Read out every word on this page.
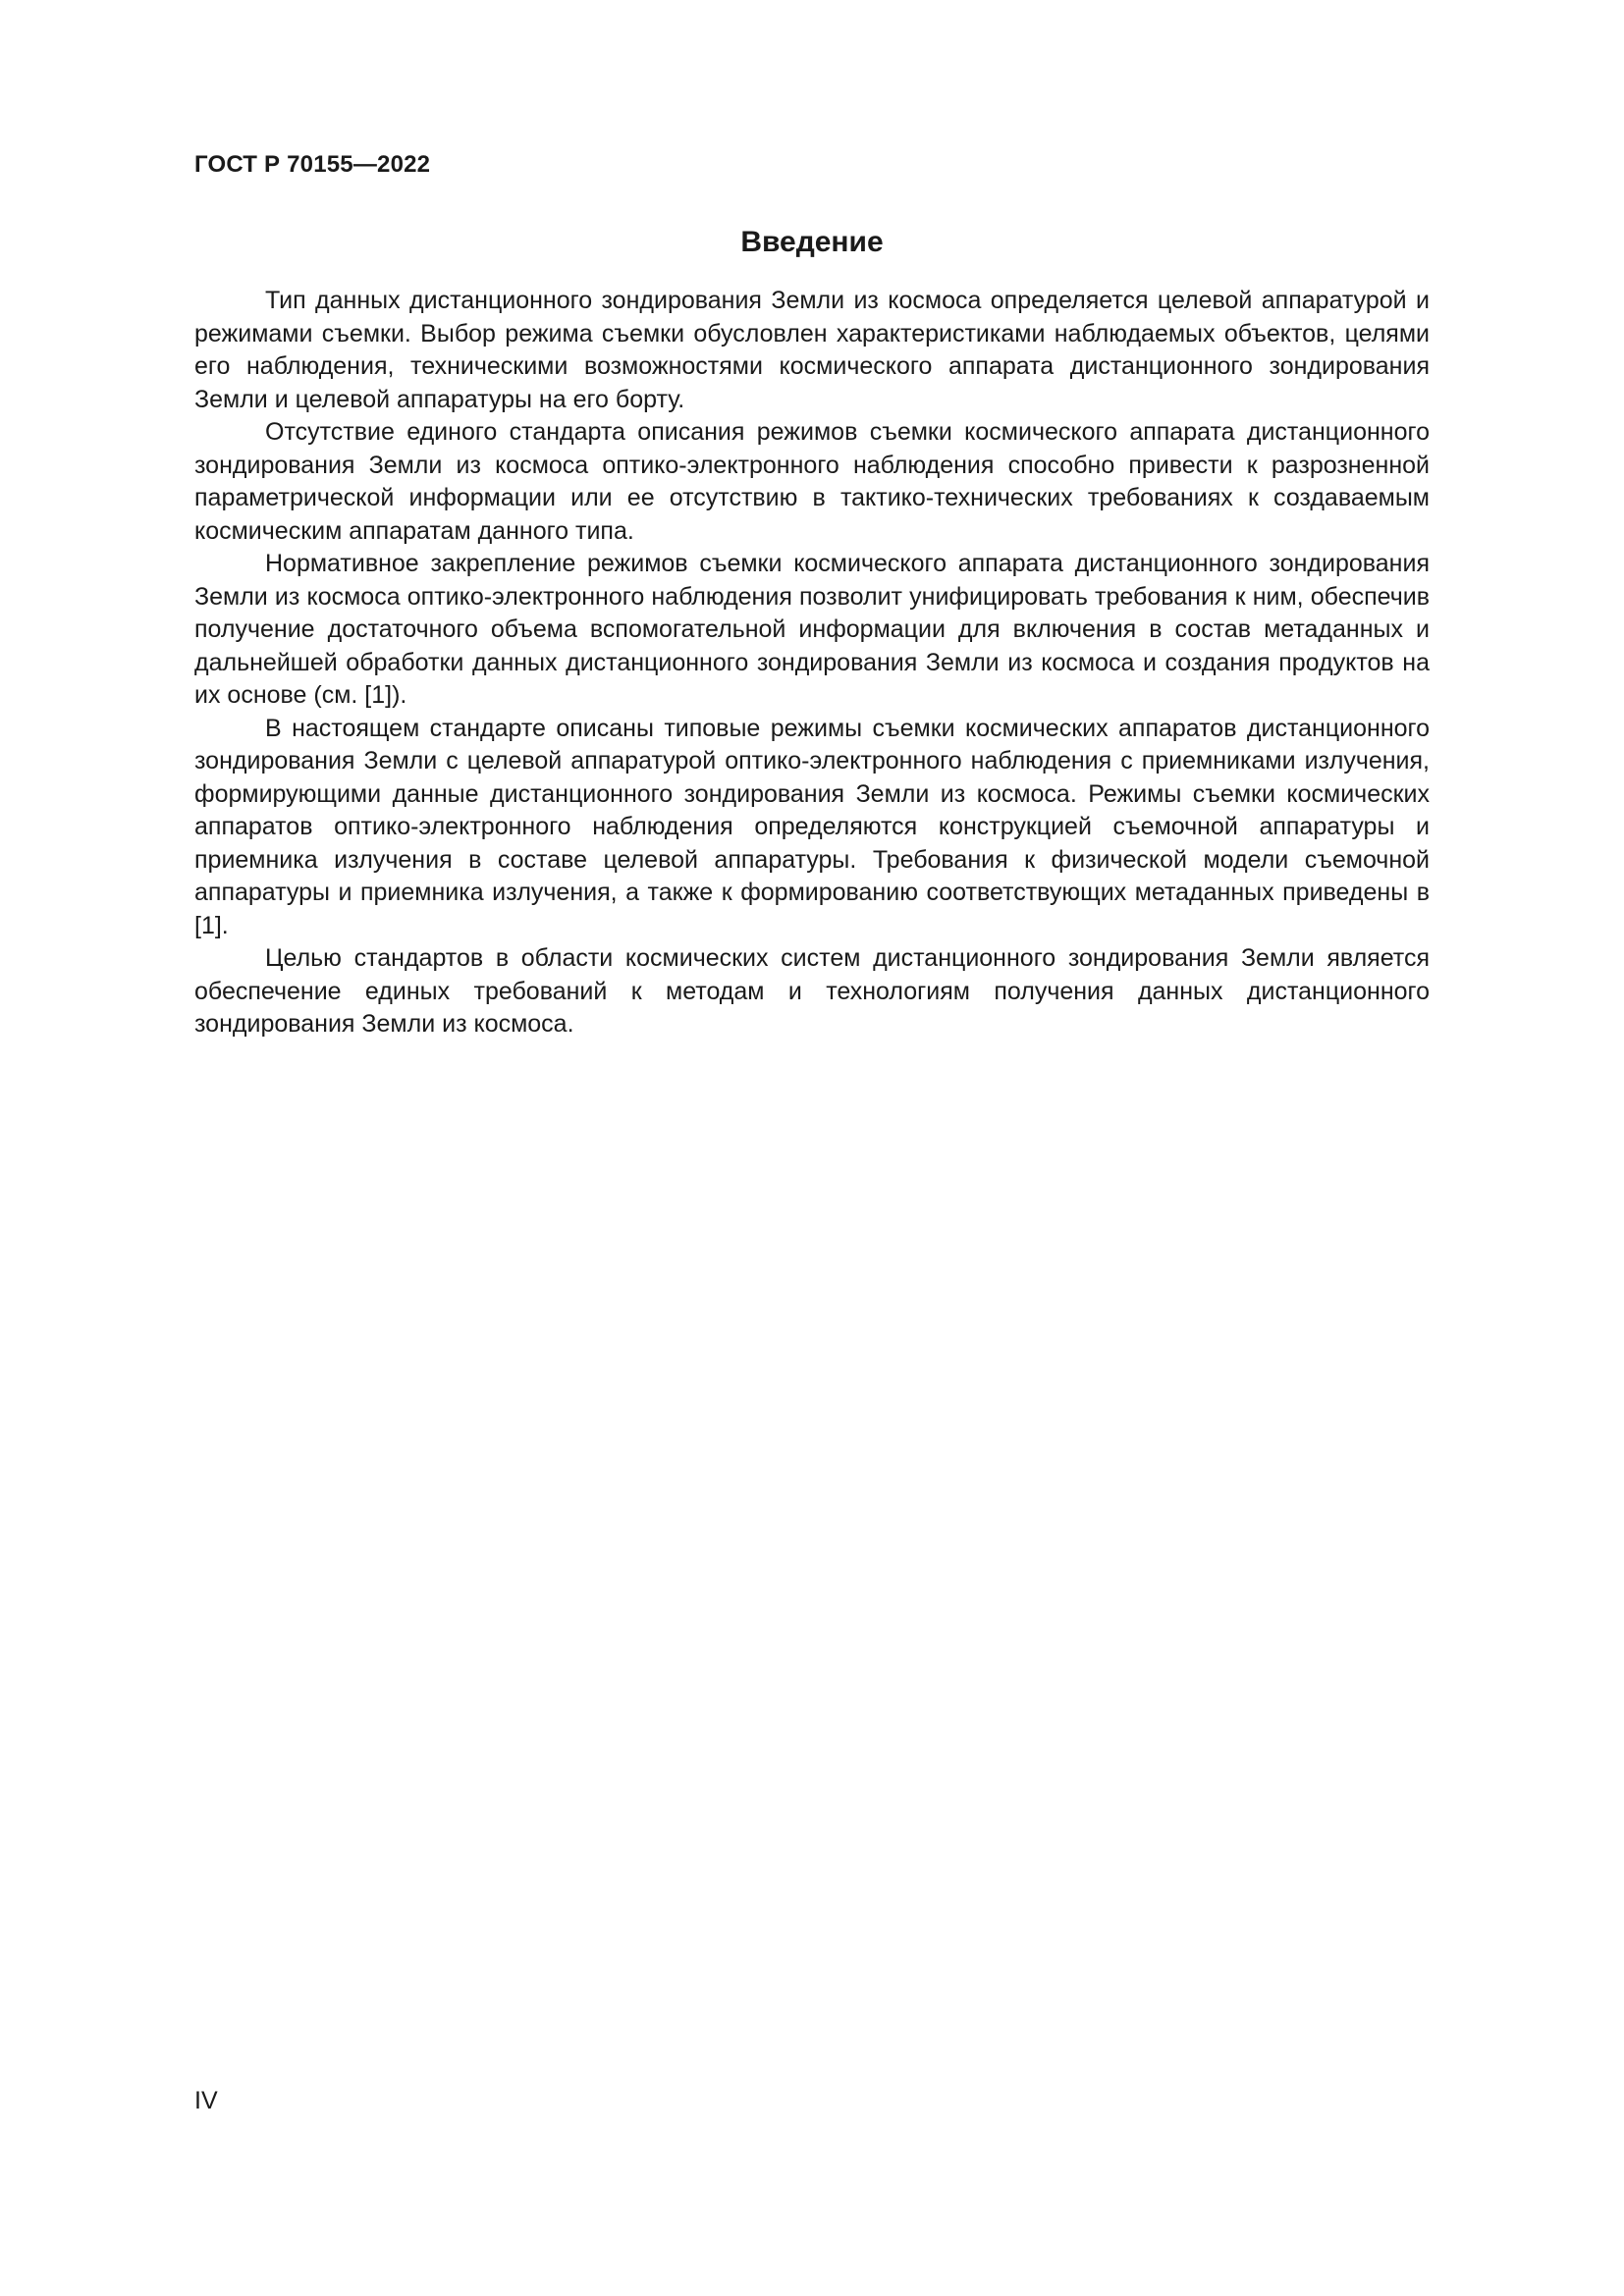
ГОСТ Р 70155—2022
Введение

Тип данных дистанционного зондирования Земли из космоса определяется целевой аппаратурой и режимами съемки. Выбор режима съемки обусловлен характеристиками наблюдаемых объектов, целями его наблюдения, техническими возможностями космического аппарата дистанционного зондирования Земли и целевой аппаратуры на его борту.

Отсутствие единого стандарта описания режимов съемки космического аппарата дистанционного зондирования Земли из космоса оптико-электронного наблюдения способно привести к разрозненной параметрической информации или ее отсутствию в тактико-технических требованиях к создаваемым космическим аппаратам данного типа.

Нормативное закрепление режимов съемки космического аппарата дистанционного зондирования Земли из космоса оптико-электронного наблюдения позволит унифицировать требования к ним, обеспечив получение достаточного объема вспомогательной информации для включения в состав метаданных и дальнейшей обработки данных дистанционного зондирования Земли из космоса и создания продуктов на их основе (см. [1]).

В настоящем стандарте описаны типовые режимы съемки космических аппаратов дистанционного зондирования Земли с целевой аппаратурой оптико-электронного наблюдения с приемниками излучения, формирующими данные дистанционного зондирования Земли из космоса. Режимы съемки космических аппаратов оптико-электронного наблюдения определяются конструкцией съемочной аппаратуры и приемника излучения в составе целевой аппаратуры. Требования к физической модели съемочной аппаратуры и приемника излучения, а также к формированию соответствующих метаданных приведены в [1].

Целью стандартов в области космических систем дистанционного зондирования Земли является обеспечение единых требований к методам и технологиям получения данных дистанционного зондирования Земли из космоса.

IV
